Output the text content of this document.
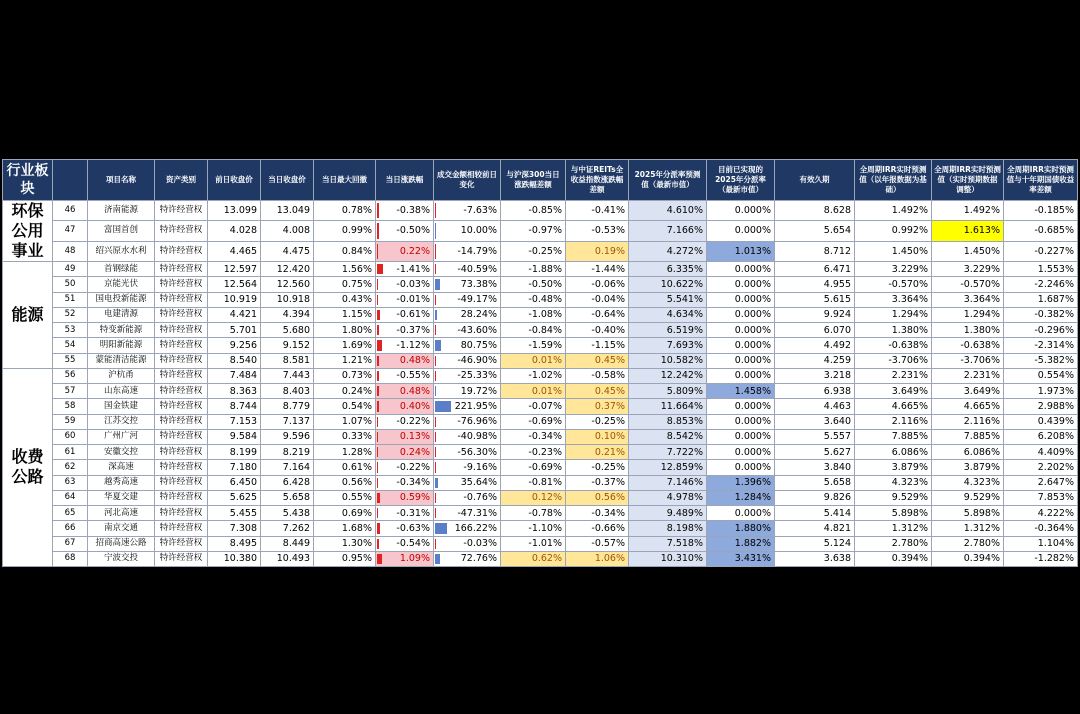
行业板块		项目名称	资产类别	前日收盘价	当日收盘价	当日最大回撤	当日涨跌幅	成交金额相较前日变化	与沪深300当日涨跌幅差额	与中证REITs全收益指数涨跌幅差额	2025年分派率预测值（最新市值）	目前已实现的2025年分派率（最新市值）	有效久期	全周期IRR实时预测值（以年报数据为基础）	全周期IRR实时预测值（实时预期数据调整）	全周期IRR实时预测值与十年期国债收益率差额
环保公用事业	46	济南能源	特许经营权	13.099	13.049	0.78%	-0.38%	-7.63%	-0.85%	-0.41%	4.610%	0.000%	8.628	1.492%	1.492%	-0.185%
	47	富国首创	特许经营权	4.028	4.008	0.99%	-0.50%	10.00%	-0.97%	-0.53%	7.166%	0.000%	5.654	0.992%	1.613%	-0.685%
	48	绍兴原水水利	特许经营权	4.465	4.475	0.84%	0.22%	-14.79%	-0.25%	0.19%	4.272%	1.013%	8.712	1.450%	1.450%	-0.227%
能源	49	首钢绿能	特许经营权	12.597	12.420	1.56%	-1.41%	-40.59%	-1.88%	-1.44%	6.335%	0.000%	6.471	3.229%	3.229%	1.553%
	50	京能光伏	特许经营权	12.564	12.560	0.75%	-0.03%	73.38%	-0.50%	-0.06%	10.622%	0.000%	4.955	-0.570%	-0.570%	-2.246%
	51	国电投新能源	特许经营权	10.919	10.918	0.43%	-0.01%	-49.17%	-0.48%	-0.04%	5.541%	0.000%	5.615	3.364%	3.364%	1.687%
	52	电建清源	特许经营权	4.421	4.394	1.15%	-0.61%	28.24%	-1.08%	-0.64%	4.634%	0.000%	9.924	1.294%	1.294%	-0.382%
	53	特变新能源	特许经营权	5.701	5.680	1.80%	-0.37%	-43.60%	-0.84%	-0.40%	6.519%	0.000%	6.070	1.380%	1.380%	-0.296%
	54	明阳新能源	特许经营权	9.256	9.152	1.69%	-1.12%	80.75%	-1.59%	-1.15%	7.693%	0.000%	4.492	-0.638%	-0.638%	-2.314%
	55	蒙能清洁能源	特许经营权	8.540	8.581	1.21%	0.48%	-46.90%	0.01%	0.45%	10.582%	0.000%	4.259	-3.706%	-3.706%	-5.382%
收费公路	56	沪杭甬	特许经营权	7.484	7.443	0.73%	-0.55%	-25.33%	-1.02%	-0.58%	12.242%	0.000%	3.218	2.231%	2.231%	0.554%
	57	山东高速	特许经营权	8.363	8.403	0.24%	0.48%	19.72%	0.01%	0.45%	5.809%	1.458%	6.938	3.649%	3.649%	1.973%
	58	国金铁建	特许经营权	8.744	8.779	0.54%	0.40%	221.95%	-0.07%	0.37%	11.664%	0.000%	4.463	4.665%	4.665%	2.988%
	59	江苏交控	特许经营权	7.153	7.137	1.07%	-0.22%	-76.96%	-0.69%	-0.25%	8.853%	0.000%	3.640	2.116%	2.116%	0.439%
	60	广州广河	特许经营权	9.584	9.596	0.33%	0.13%	-40.98%	-0.34%	0.10%	8.542%	0.000%	5.557	7.885%	7.885%	6.208%
	61	安徽交控	特许经营权	8.199	8.219	1.28%	0.24%	-56.30%	-0.23%	0.21%	7.722%	0.000%	5.627	6.086%	6.086%	4.409%
	62	深高速	特许经营权	7.180	7.164	0.61%	-0.22%	-9.16%	-0.69%	-0.25%	12.859%	0.000%	3.840	3.879%	3.879%	2.202%
	63	越秀高速	特许经营权	6.450	6.428	0.56%	-0.34%	35.64%	-0.81%	-0.37%	7.146%	1.396%	5.658	4.323%	4.323%	2.647%
	64	华夏交建	特许经营权	5.625	5.658	0.55%	0.59%	-0.76%	0.12%	0.56%	4.978%	1.284%	9.826	9.529%	9.529%	7.853%
	65	河北高速	特许经营权	5.455	5.438	0.69%	-0.31%	-47.31%	-0.78%	-0.34%	9.489%	0.000%	5.414	5.898%	5.898%	4.222%
	66	南京交通	特许经营权	7.308	7.262	1.68%	-0.63%	166.22%	-1.10%	-0.66%	8.198%	1.880%	4.821	1.312%	1.312%	-0.364%
	67	招商高速公路	特许经营权	8.495	8.449	1.30%	-0.54%	-0.03%	-1.01%	-0.57%	7.518%	1.882%	5.124	2.780%	2.780%	1.104%
	68	宁波交投	特许经营权	10.380	10.493	0.95%	1.09%	72.76%	0.62%	1.06%	10.310%	3.431%	3.638	0.394%	0.394%	-1.282%
